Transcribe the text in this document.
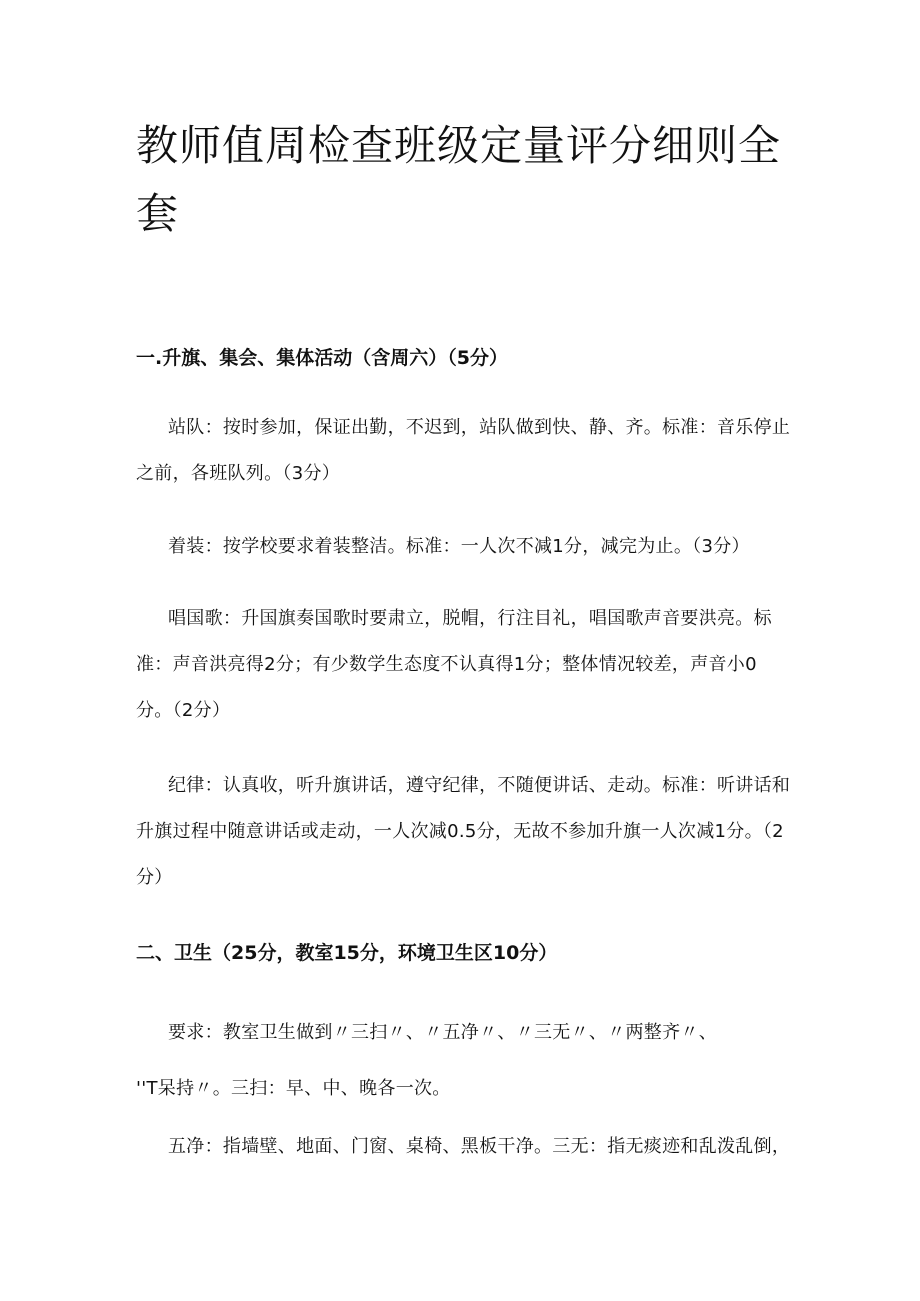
教师值周检查班级定量评分细则全套
一.升旗、集会、集体活动（含周六）（5分）

站队：按时参加，保证出勤，不迟到，站队做到快、静、齐。标准：音乐停止之前，各班队列。（3分）

着装：按学校要求着装整洁。标准：一人次不减1分，减完为止。（3分）

唱国歌：升国旗奏国歌时要肃立，脱帽，行注目礼，唱国歌声音要洪亮。标准：声音洪亮得2分；有少数学生态度不认真得1分；整体情况较差，声音小0分。（2分）

纪律：认真收，听升旗讲话，遵守纪律，不随便讲话、走动。标准：听讲话和升旗过程中随意讲话或走动，一人次减0.5分，无故不参加升旗一人次减1分。（2分）

二、卫生（25分，教室15分，环境卫生区10分）
要求：教室卫生做到〃三扫〃、〃五净〃、〃三无〃、〃两整齐〃、
''T呆持〃。三扫：早、中、晚各一次。
五净：指墙壁、地面、门窗、桌椅、黑板干净。三无：指无痰迹和乱泼乱倒，
